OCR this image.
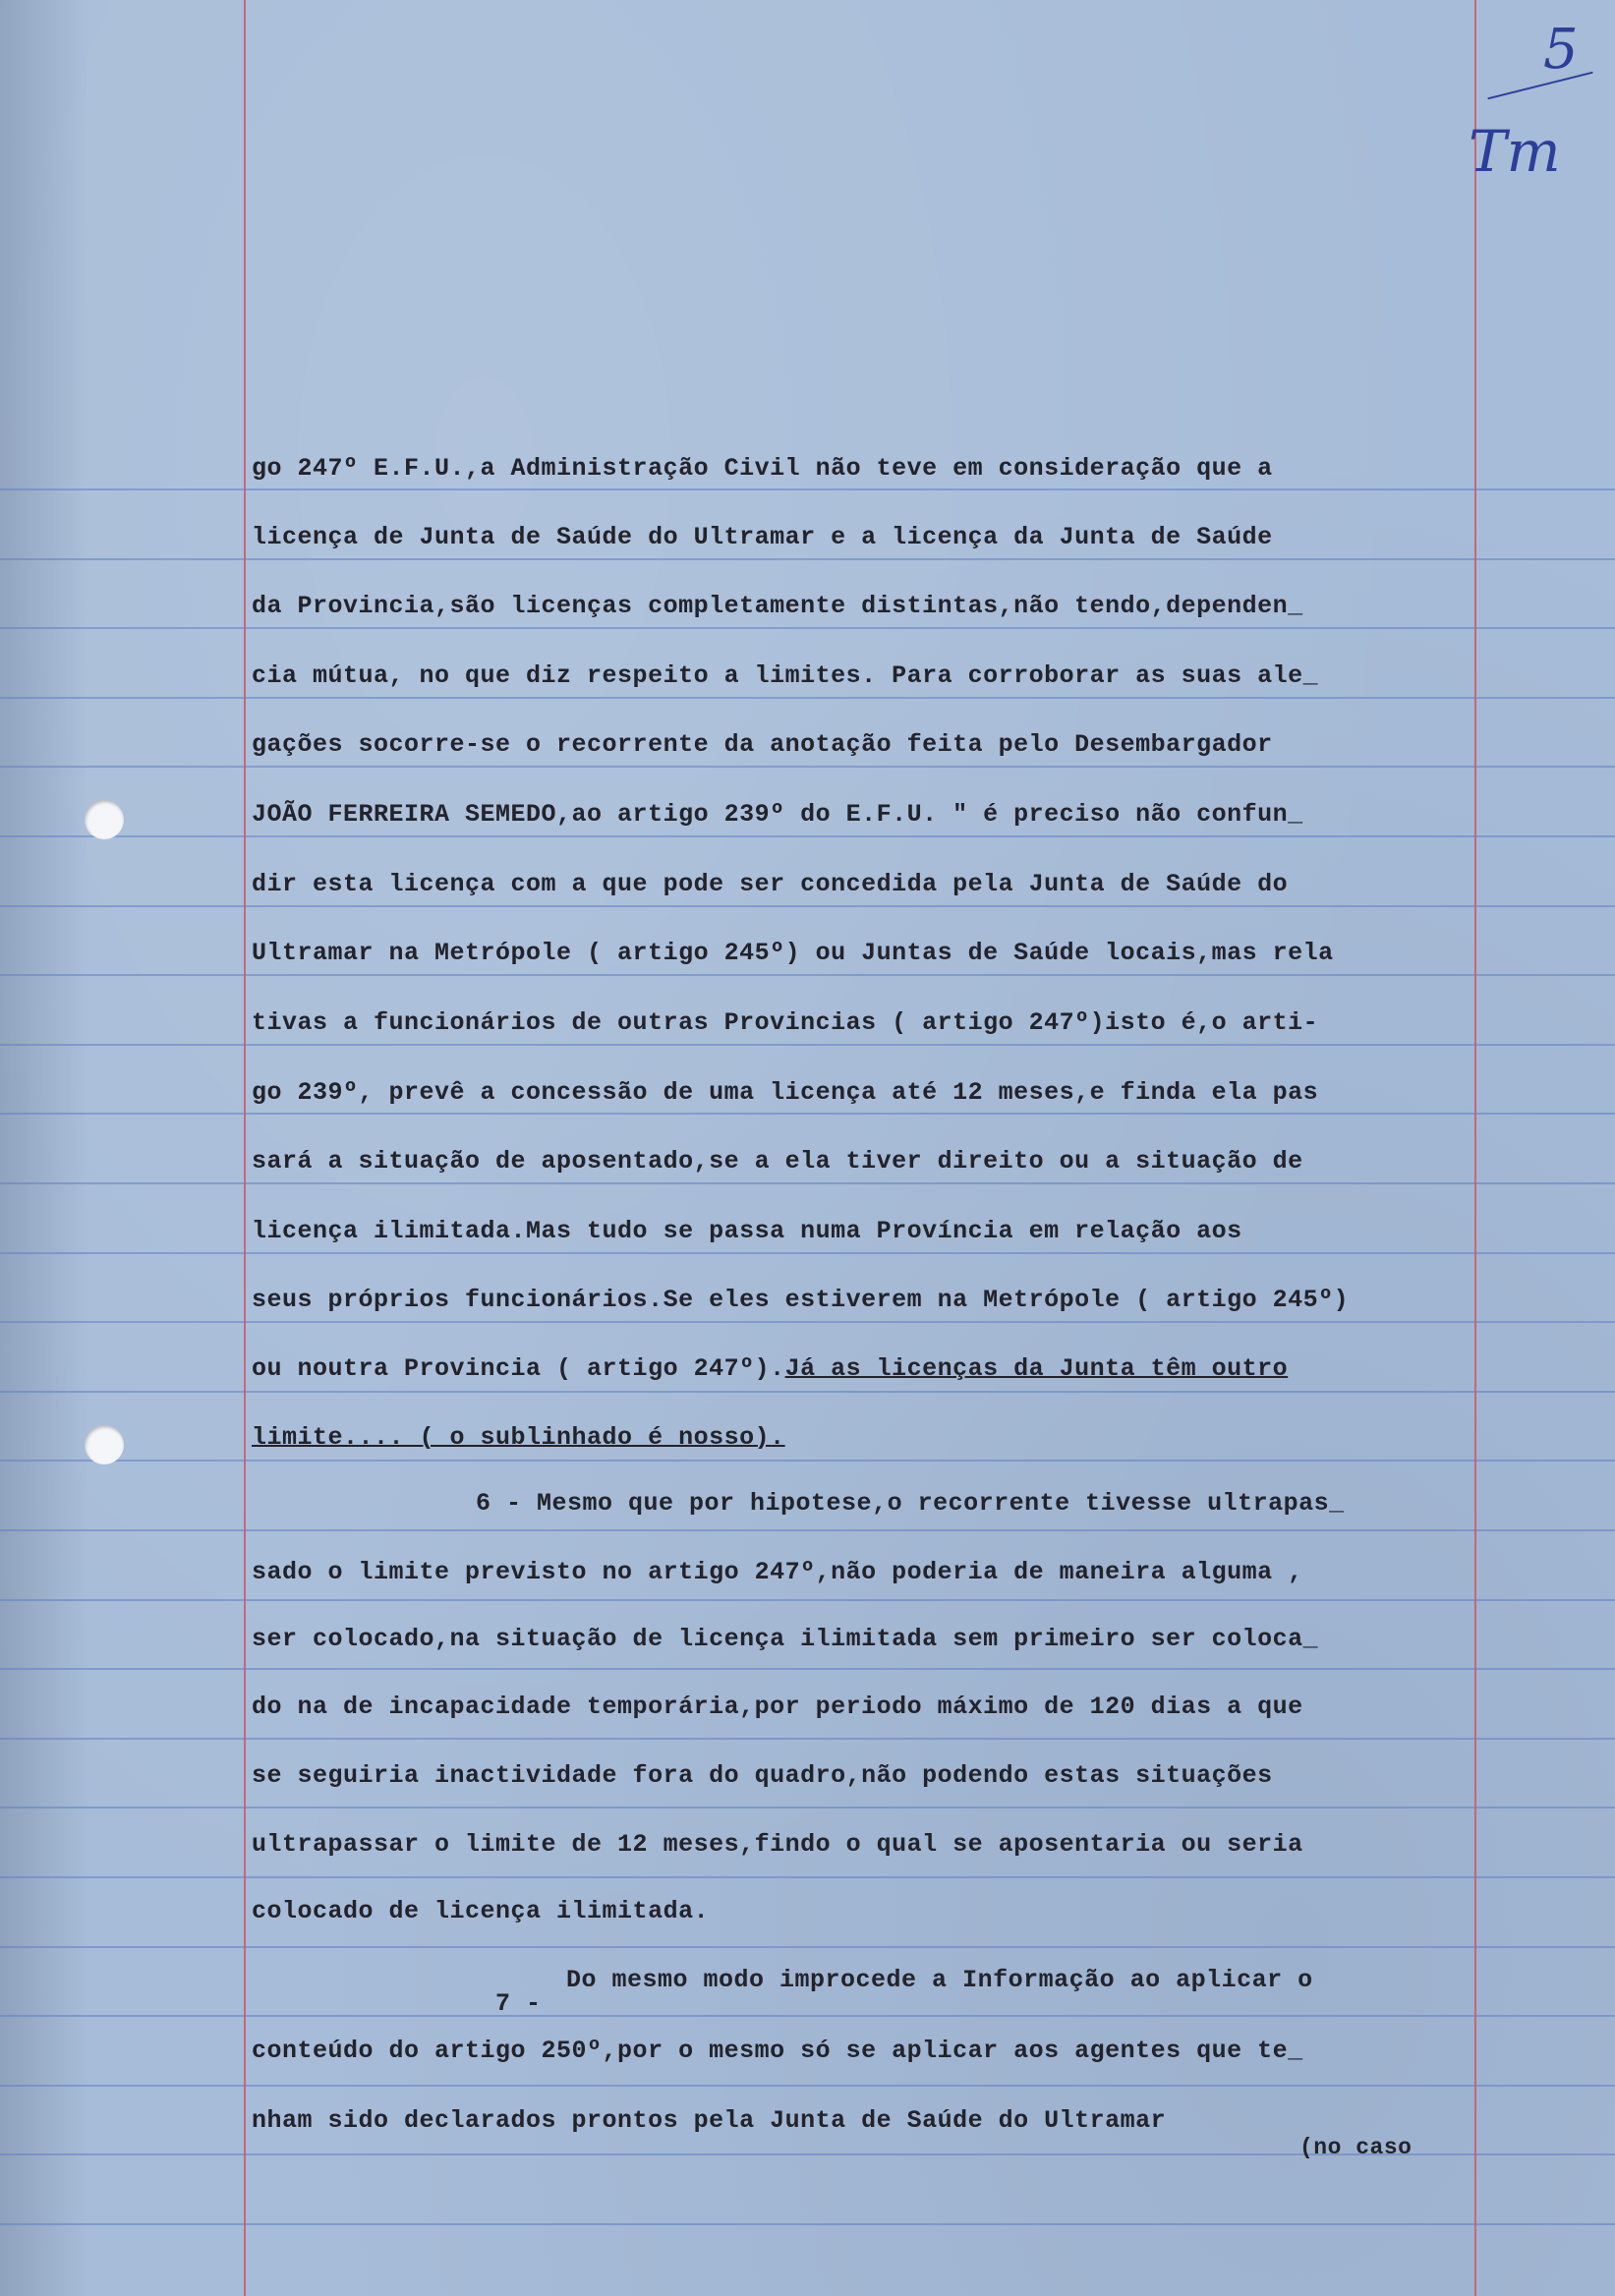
5
Tm
go 247º E.F.U.,a Administração Civil não teve em consideração que a
licença de Junta de Saúde do Ultramar e a licença da Junta de Saúde
da Provincia,são licenças completamente distintas,não tendo,dependen_
cia mútua, no que diz respeito a limites. Para corroborar as suas ale_
gações socorre-se o recorrente da anotação feita pelo Desembargador
JOÃO FERREIRA SEMEDO,ao artigo 239º do E.F.U. " é preciso não confun_
dir esta licença com a que pode ser concedida pela Junta de Saúde do
Ultramar na Metrópole ( artigo 245º) ou Juntas de Saúde locais,mas rela
tivas a funcionários de outras Provincias ( artigo 247º)isto é,o arti-
go 239º, prevê a concessão de uma licença até 12 meses,e finda ela pas
sará a situação de aposentado,se a ela tiver direito ou a situação de
licença ilimitada.Mas tudo se passa numa Província em relação aos
seus próprios funcionários.Se eles estiverem na Metrópole ( artigo 245º)
ou noutra Provincia ( artigo 247º).Já as licenças da Junta têm outro
limite.... ( o sublinhado é nosso).
6 - Mesmo que por hipotese,o recorrente tivesse ultrapas_
sado o limite previsto no artigo 247º,não poderia de maneira alguma ,
ser colocado,na situação de licença ilimitada sem primeiro ser coloca_
do na de incapacidade temporária,por periodo máximo de 120 dias a que
se seguiria inactividade fora do quadro,não podendo estas situações
ultrapassar o limite de 12 meses,findo o qual se aposentaria ou seria
colocado de licença ilimitada.
7 -
Do mesmo modo improcede a Informação ao aplicar o
conteúdo do artigo 250º,por o mesmo só se aplicar aos agentes que te_
nham sido declarados prontos pela Junta de Saúde do Ultramar
(no caso
